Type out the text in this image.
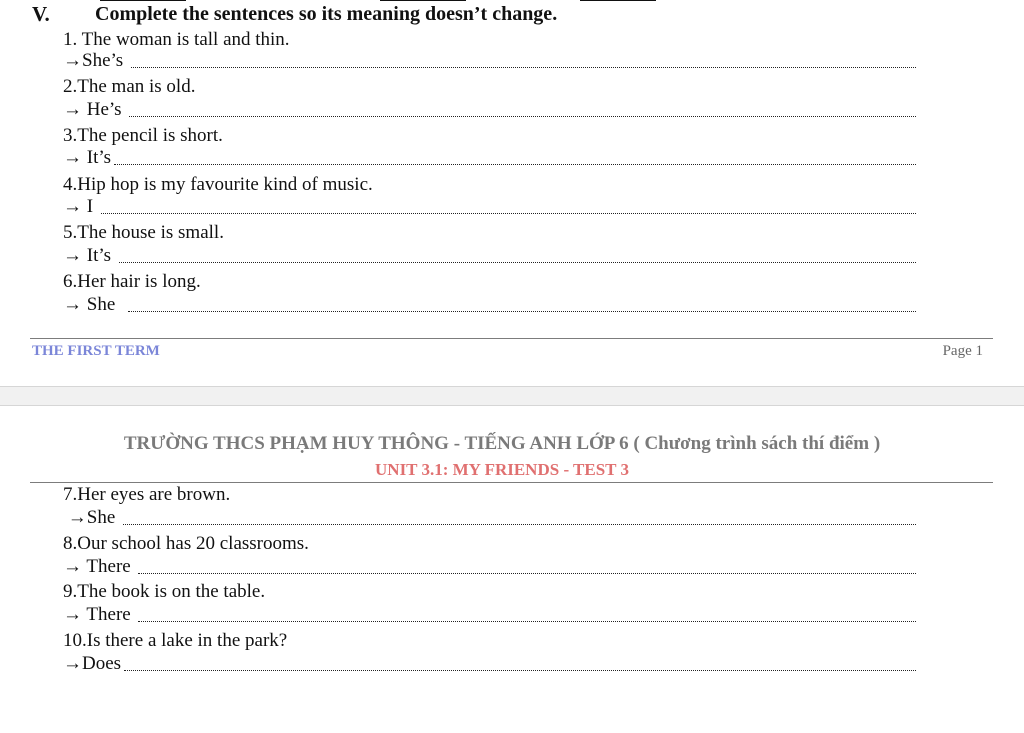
V. Complete the sentences so its meaning doesn’t change.
1. The woman is tall and thin.
→She’s
2.The man is old.
→ He’s
3.The pencil is short.
→ It’s
4.Hip hop is my favourite kind of music.
→ I
5.The house is small.
→ It’s
6.Her hair is long.
→ She
THE FIRST TERM	Page 1
TRƯỜNG THCS PHẠM HUY THÔNG - TIẾNG ANH LỚP 6 ( Chương trình sách thí điểm )
UNIT 3.1: MY FRIENDS - TEST 3
7.Her eyes are brown.
→She
8.Our school has 20 classrooms.
→ There
9.The book is on the table.
→ There
10.Is there a lake in the park?
→Does
